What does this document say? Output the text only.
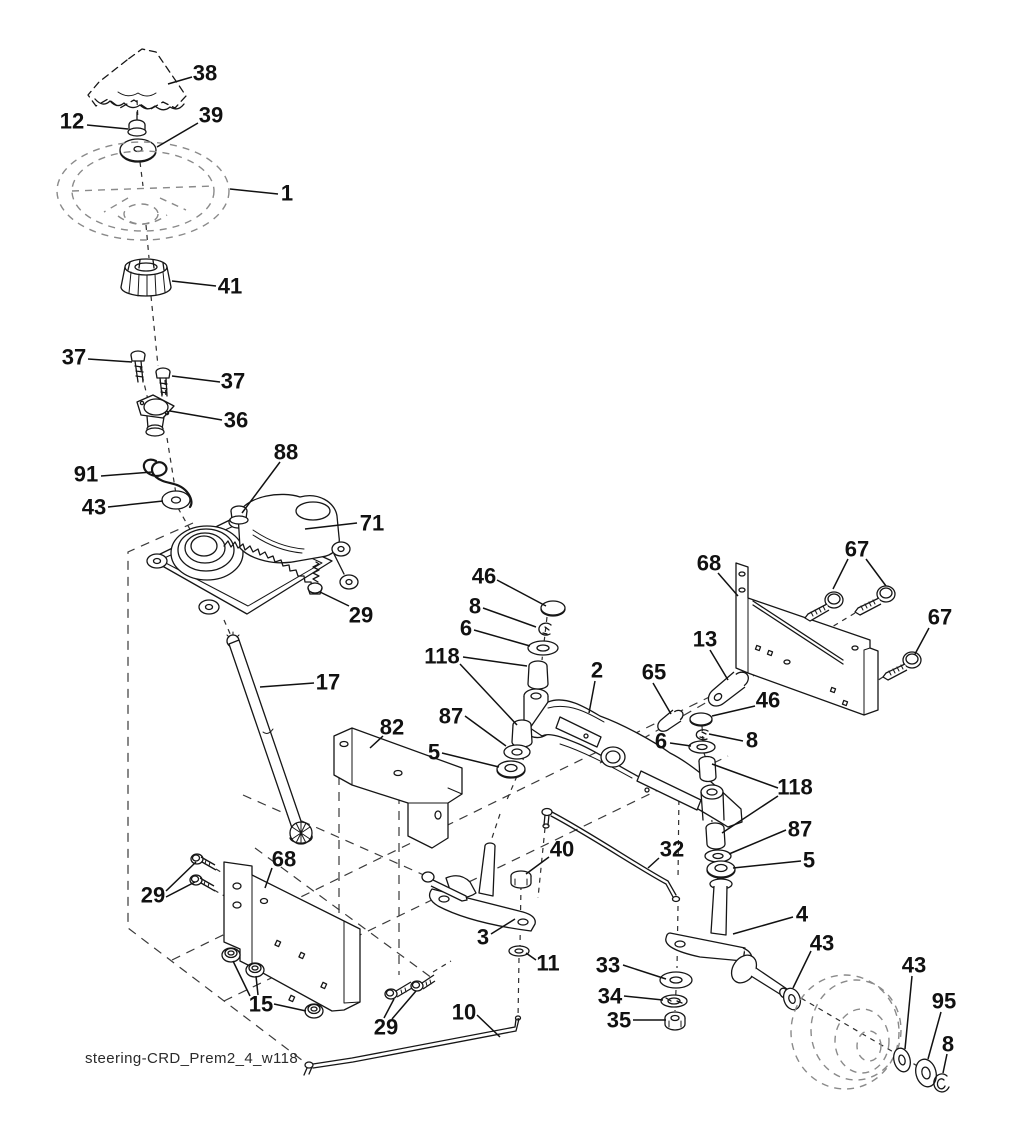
38
12	39
1
41
37
37
36
91
43
88
71
29
17
82
46
8
6
118
87
5
2 65
13
68
67
67
46
8
6
118
87
5
4
68
29
15
29
40	32
3
11
10
33
34
35
43
43
95
8
steering-CRD_Prem2_4_w118
